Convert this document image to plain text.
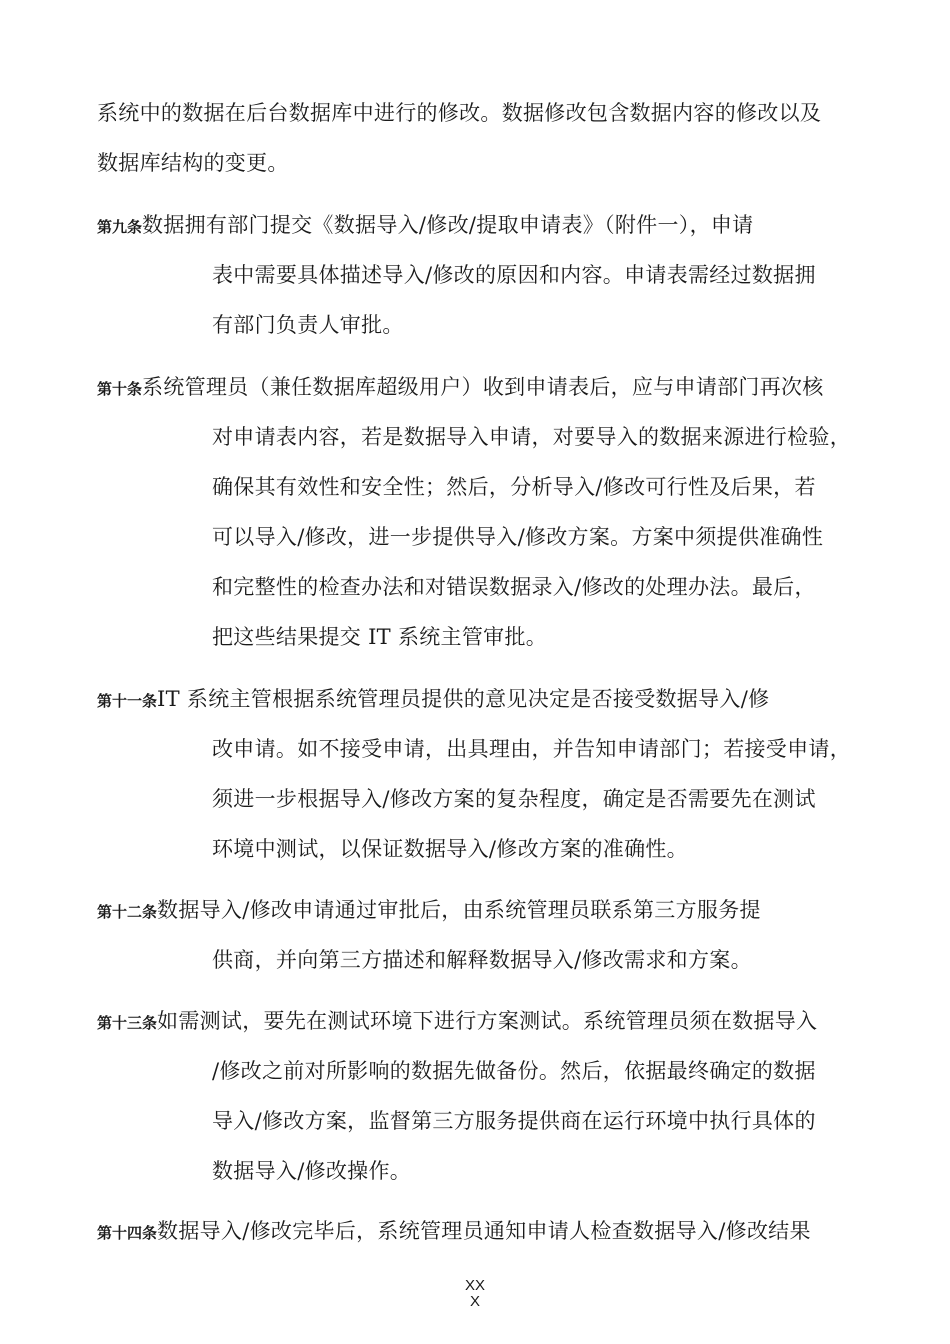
系统中的数据在后台数据库中进行的修改。数据修改包含数据内容的修改以及
数据库结构的变更。
第九条数据拥有部门提交《数据导入/修改/提取申请表》（附件一），申请
表中需要具体描述导入/修改的原因和内容。申请表需经过数据拥
有部门负责人审批。
第十条系统管理员（兼任数据库超级用户）收到申请表后，应与申请部门再次核
对申请表内容，若是数据导入申请，对要导入的数据来源进行检验，
确保其有效性和安全性；然后，分析导入/修改可行性及后果，若
可以导入/修改，进一步提供导入/修改方案。方案中须提供准确性
和完整性的检查办法和对错误数据录入/修改的处理办法。最后，
把这些结果提交 IT 系统主管审批。
第十一条IT 系统主管根据系统管理员提供的意见决定是否接受数据导入/修
改申请。如不接受申请，出具理由，并告知申请部门；若接受申请，
须进一步根据导入/修改方案的复杂程度，确定是否需要先在测试
环境中测试，以保证数据导入/修改方案的准确性。
第十二条数据导入/修改申请通过审批后，由系统管理员联系第三方服务提
供商，并向第三方描述和解释数据导入/修改需求和方案。
第十三条如需测试，要先在测试环境下进行方案测试。系统管理员须在数据导入
/修改之前对所影响的数据先做备份。然后，依据最终确定的数据
导入/修改方案，监督第三方服务提供商在运行环境中执行具体的
数据导入/修改操作。
第十四条数据导入/修改完毕后，系统管理员通知申请人检查数据导入/修改结果
XX
X
